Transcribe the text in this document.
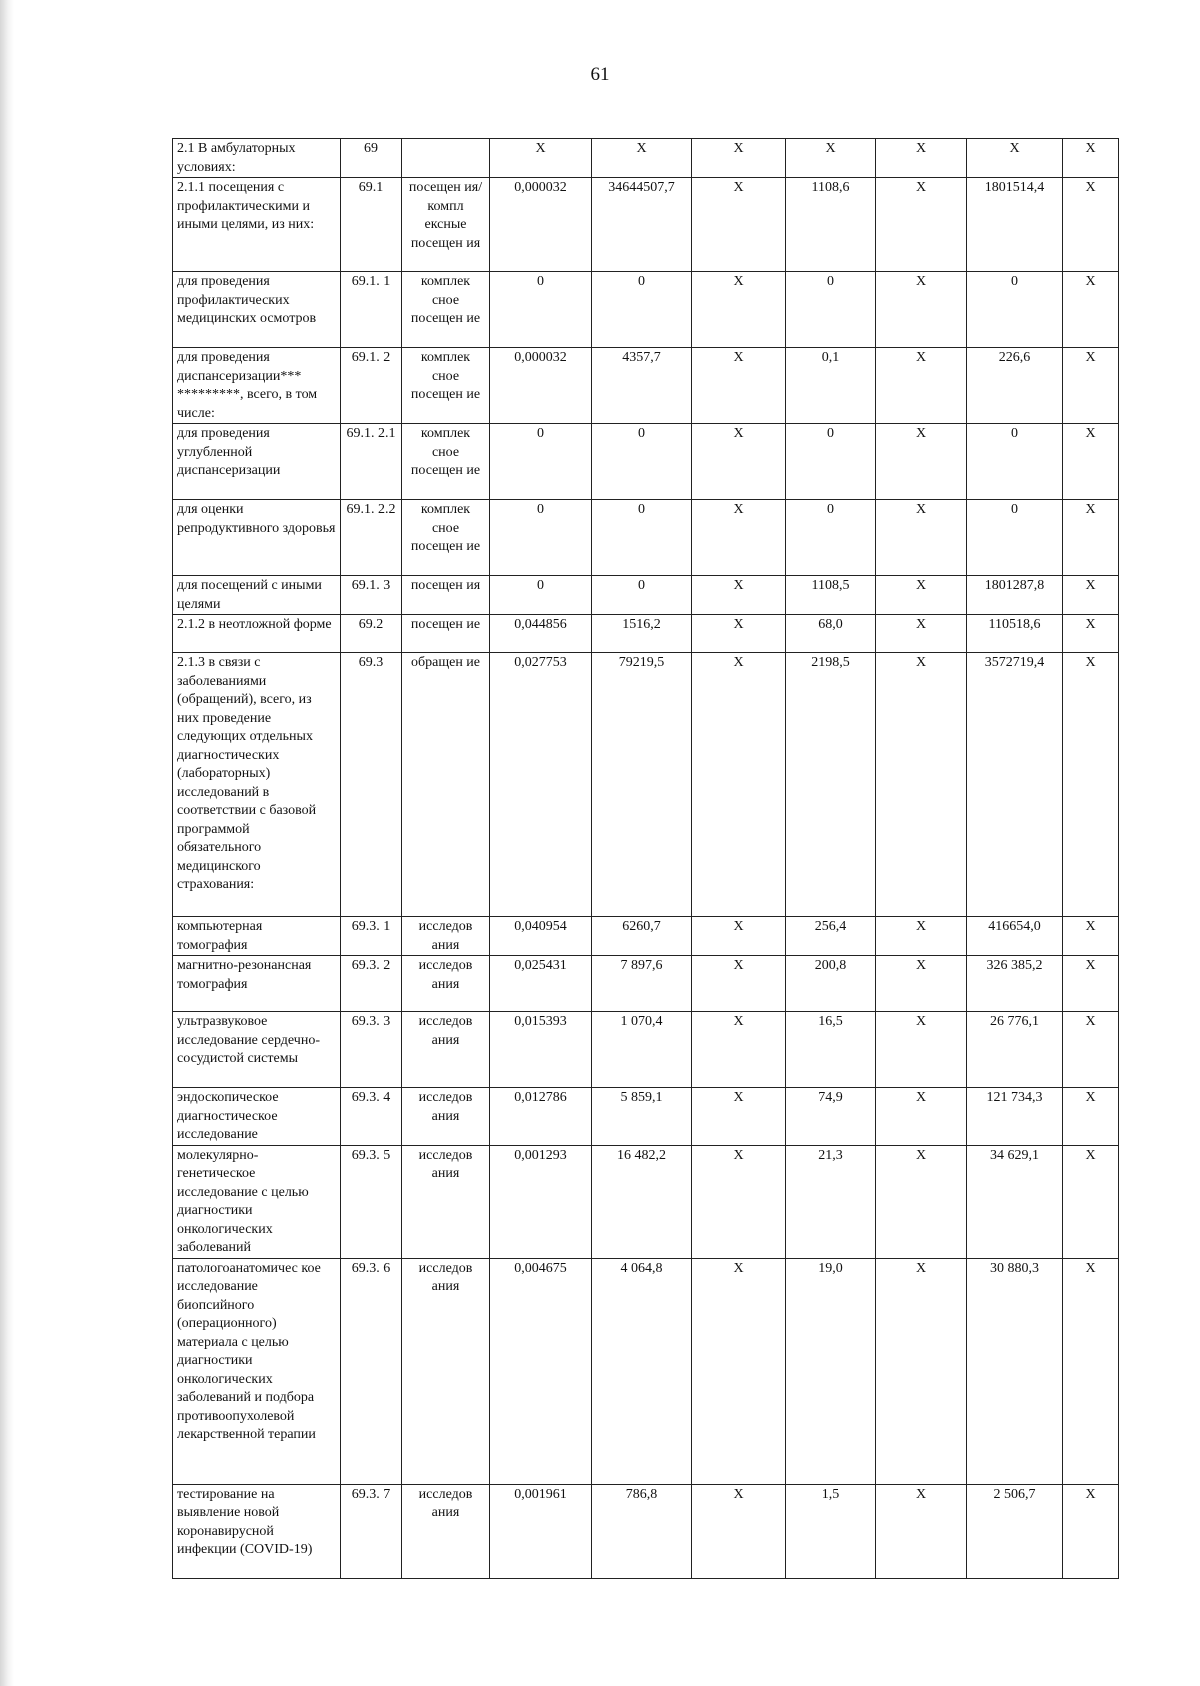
61
2.1 В амбулаторных условиях:	69		Х	Х	Х	Х	Х	Х	Х
2.1.1 посещения с профилактическими и иными целями, из них:	69.1	посещен ия/компл ексные посещен ия	0,000032	34644507,7	Х	1108,6	Х	1801514,4	Х
для проведения профилактических медицинских осмотров	69.1. 1	комплек сное посещен ие	0	0	Х	0	Х	0	Х
для проведения диспансеризации*** *********, всего, в том числе:	69.1. 2	комплек сное посещен ие	0,000032	4357,7	Х	0,1	Х	226,6	Х
для проведения углубленной диспансеризации	69.1. 2.1	комплек сное посещен ие	0	0	Х	0	Х	0	Х
для оценки репродуктивного здоровья	69.1. 2.2	комплек сное посещен ие	0	0	Х	0	Х	0	Х
для посещений с иными целями	69.1. 3	посещен ия	0	0	Х	1108,5	Х	1801287,8	Х
2.1.2 в неотложной форме	69.2	посещен ие	0,044856	1516,2	Х	68,0	Х	110518,6	Х
2.1.3 в связи с заболеваниями (обращений), всего, из них проведение следующих отдельных диагностических (лабораторных) исследований в соответствии с базовой программой обязательного медицинского страхования:	69.3	обращен ие	0,027753	79219,5	Х	2198,5	Х	3572719,4	Х
компьютерная томография	69.3. 1	исследов ания	0,040954	6260,7	Х	256,4	Х	416654,0	Х
магнитно-резонансная томография	69.3. 2	исследов ания	0,025431	7 897,6	Х	200,8	Х	326 385,2	Х
ультразвуковое исследование сердечно-сосудистой системы	69.3. 3	исследов ания	0,015393	1 070,4	Х	16,5	Х	26 776,1	Х
эндоскопическое диагностическое исследование	69.3. 4	исследов ания	0,012786	5 859,1	Х	74,9	Х	121 734,3	Х
молекулярно-генетическое исследование с целью диагностики онкологических заболеваний	69.3. 5	исследов ания	0,001293	16 482,2	Х	21,3	Х	34 629,1	Х
патологоанатомичес кое исследование биопсийного (операционного) материала с целью диагностики онкологических заболеваний и подбора противоопухолевой лекарственной терапии	69.3. 6	исследов ания	0,004675	4 064,8	Х	19,0	Х	30 880,3	Х
тестирование на выявление новой коронавирусной инфекции (COVID-19)	69.3. 7	исследов ания	0,001961	786,8	Х	1,5	Х	2 506,7	Х
